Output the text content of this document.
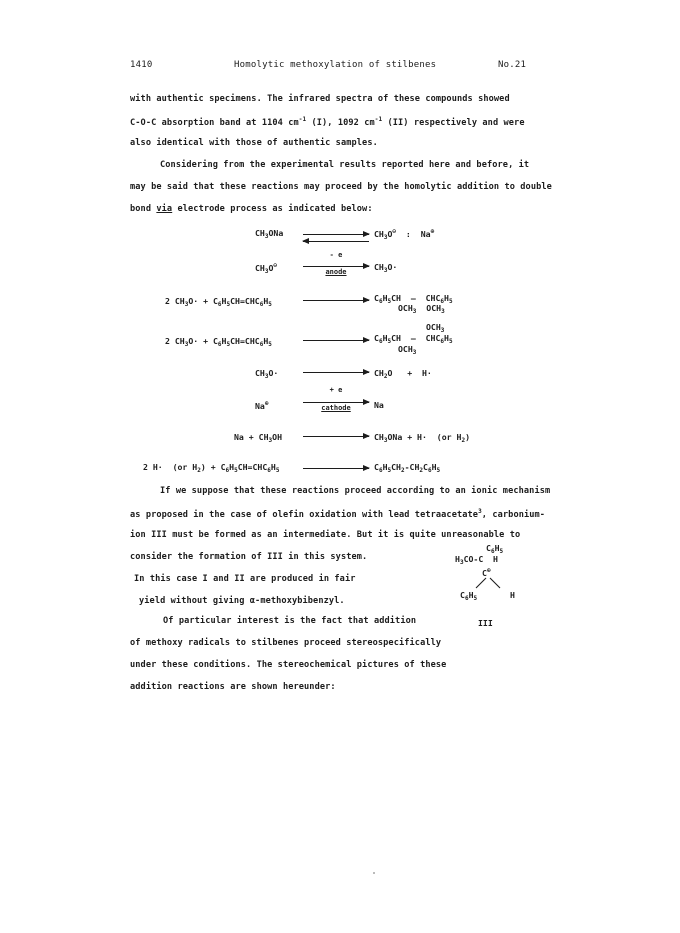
1410	Homolytic methoxylation of stilbenes	No.21
with authentic specimens. The infrared spectra of these compounds showed
C-O-C absorption band at 1104 $cm^{-1}$ (I), 1092 $cm^{-1}$ (II) respectively and were
also identical with those of authentic samples.
Considering from the experimental results reported here and before, it
may be said that these reactions may proceed by the homolytic addition to double
bond via electrode process as indicated below:
$CH_3ONa$	$CH_3O^⊖$  :  Na⊕
$CH_3O^⊖$
- e
anode	$CH_3O\cdot$
2 $CH_3O\cdot + C_6H_5CH=CHC_6H_5$
$C_6H_5CH$  —  $CHC_6H_5$
$OCH_3$  $OCH_3$
$OCH_3$
2 $CH_3O\cdot + C_6H_5CH=CHC_6H_5$
$C_6H_5CH$  —  $CHC_6H_5$
$OCH_3$
$CH_3O\cdot$	$CH_2O + H\cdot$
+ e
Na⊕
cathode	Na
$Na + CH_3OH$	$CH_3ONa + H\cdot (or$ $H_2$)
2 H·  (or $H_2) + C_6H_5CH=CHC_6H_5$	$C_6H_5CH_2-CH_2C_6H_5$
If we suppose that these reactions proceed according to an ionic mechanism
as proposed in the case of olefin oxidation with lead tetraacetate$^3$, carbonium-
ion III must be formed as an intermediate. But it is quite unreasonable to
consider the formation of III in this system.
In this case I and II are produced in fair
yield without giving α-methoxybibenzyl.
Of particular interest is the fact that addition
of methoxy radicals to stilbenes proceed stereospecifically
under these conditions. The stereochemical pictures of these
addition reactions are shown hereunder:
$C_6H_5$
$H_3CO-C$ H
C⊕
$C_6H_5$	H
III
